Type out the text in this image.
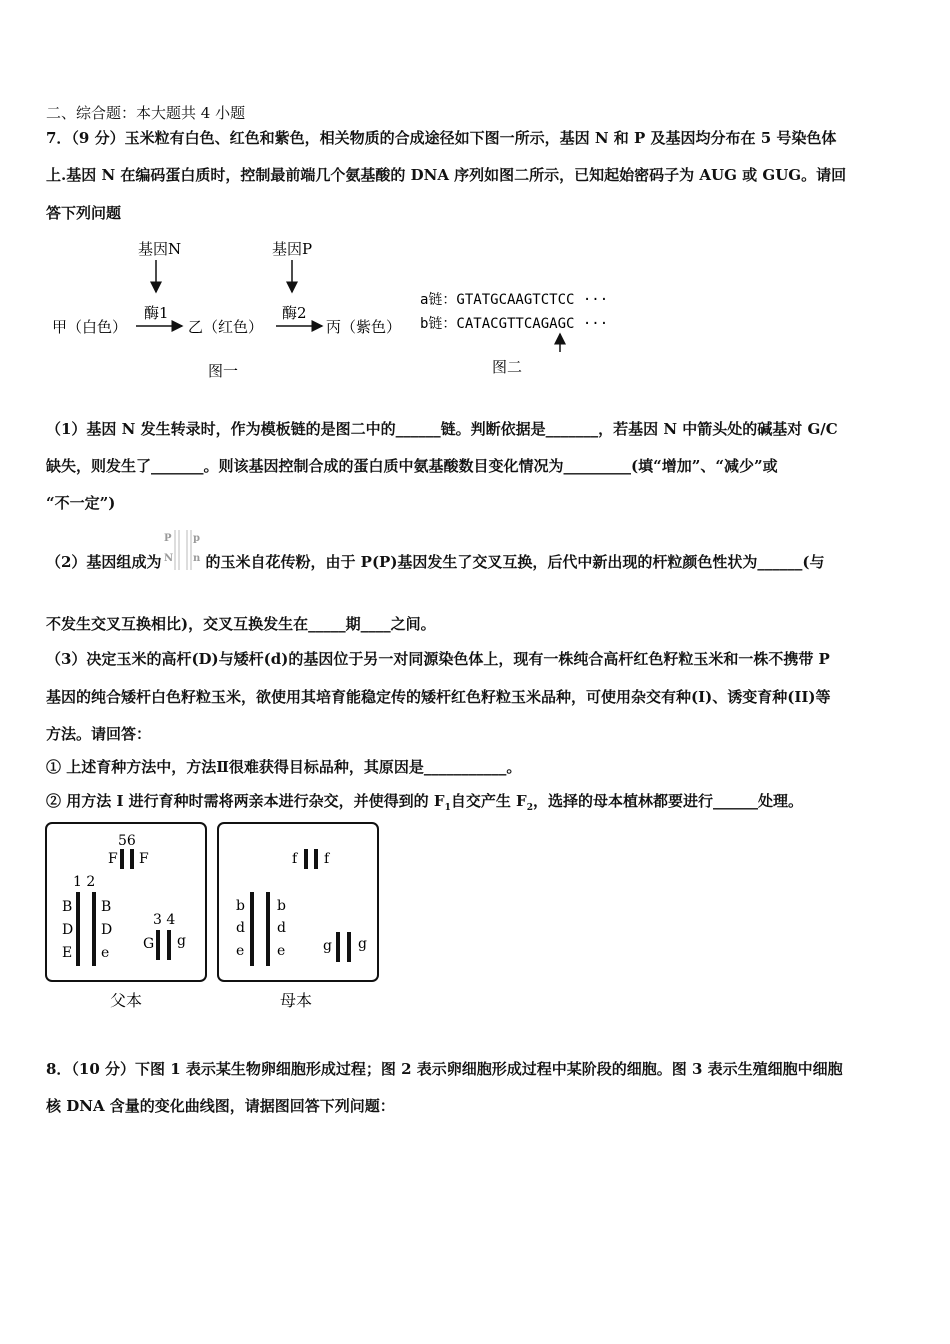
二、综合题：本大题共 4 小题
7．（9 分）玉米粒有白色、红色和紫色，相关物质的合成途径如下图一所示，基因 N 和 P 及基因均分布在 5 号染色体
上.基因 N 在编码蛋白质时，控制最前端几个氨基酸的 DNA 序列如图二所示，已知起始密码子为 AUG 或 GUG。请回
答下列问题
基因N	基因P
酶1	酶2
甲（白色）	乙（红色）	丙（紫色）
图一
a链：GTATGCAAGTCTCC ···
b链：CATACGTTCAGAGC ···
图二
（1）基因 N 发生转录时，作为模板链的是图二中的______链。判断依据是_______，若基因 N 中箭头处的碱基对 G/C
缺失，则发生了_______。则该基因控制合成的蛋白质中氨基酸数目变化情况为_________(填“增加”、“减少”或
“不一定”)
（2）基因组成为
P
N
p
n 的玉米自花传粉，由于 P(P)基因发生了交叉互换，后代中新出现的杆粒颜色性状为______(与
不发生交叉互换相比)，交叉互换发生在_____期____之间。
（3）决定玉米的高杆(D)与矮杆(d)的基因位于另一对同源染色体上，现有一株纯合高杆红色籽粒玉米和一株不携带 P
基因的纯合矮杆白色籽粒玉米，欲使用其培育能稳定传的矮杆红色籽粒玉米品种，可使用杂交有种(I)、诱变育种(II)等
方法。请回答：
① 上述育种方法中，方法Ⅱ很难获得目标品种，其原因是___________。
② 用方法 I 进行育种时需将两亲本进行杂交，并使得到的 $F_1$自交产生 $F_2$，选择的母本植林都要进行______处理。
56
F F
1 2
B
D
E
B
D
e
3 4
G g
父本
f f
b
d
e
b
d
e	g g
母本
8．（10 分）下图 1 表示某生物卵细胞形成过程；图 2 表示卵细胞形成过程中某阶段的细胞。图 3 表示生殖细胞中细胞
核 DNA 含量的变化曲线图，请据图回答下列问题：
